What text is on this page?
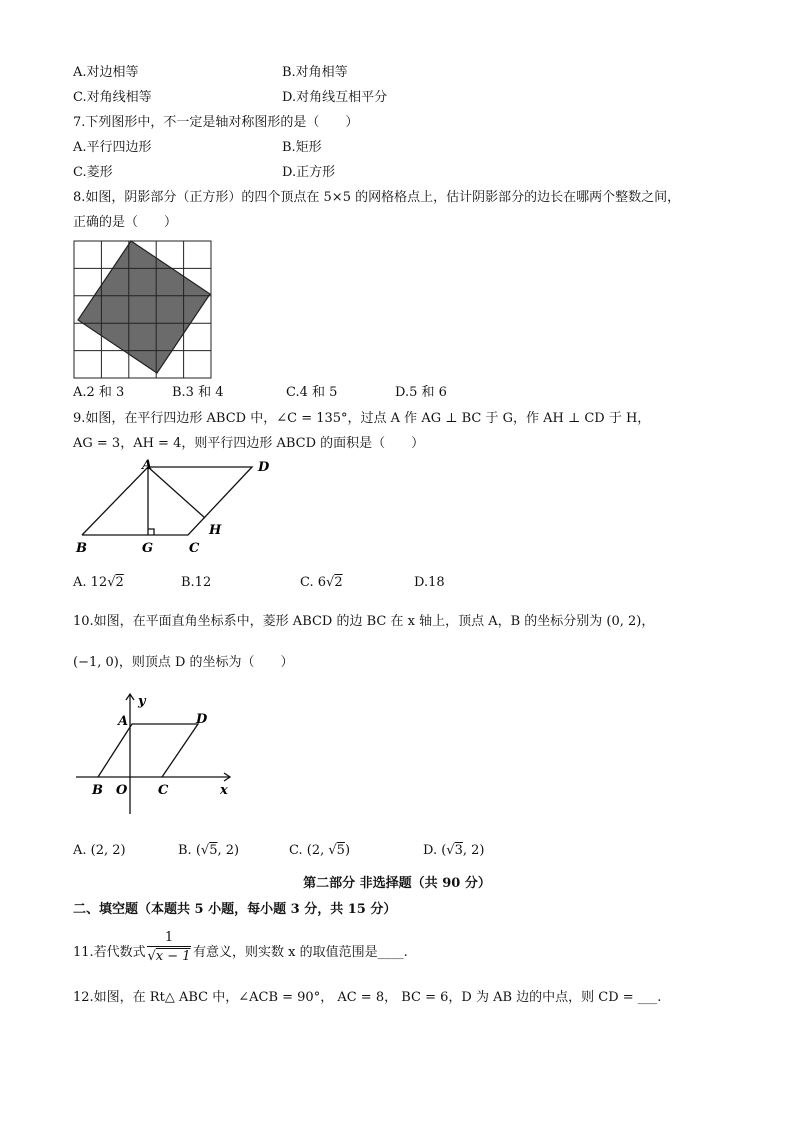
A.对边相等	B.对角相等
C.对角线相等	D.对角线互相平分
7.下列图形中，不一定是轴对称图形的是（　　）
A.平行四边形	B.矩形
C.菱形	D.正方形
8.如图，阴影部分（正方形）的四个顶点在 5×5 的网格格点上，估计阴影部分的边长在哪两个整数之间，
正确的是（　　）
A.2 和 3	B.3 和 4	C.4 和 5	D.5 和 6
9.如图，在平行四边形 ABCD 中，∠C = 135°，过点 A 作 AG ⊥ BC 于 G，作 AH ⊥ CD 于 H，
AG = 3，AH = 4，则平行四边形 ABCD 的面积是（　　）
A	D
B	G	C
H
A. 12√2	B.12	C. 6√2	D.18
10.如图，在平面直角坐标系中，菱形 ABCD 的边 BC 在 x 轴上，顶点 A，B 的坐标分别为 (0, 2)，
(−1, 0)，则顶点 D 的坐标为（　　）
y
A	D
B O C	x
A. (2, 2)	B. (√5, 2)	C. (2, √5)	D. (√3, 2)
第二部分 非选择题（共 90 分）
二、填空题（本题共 5 小题，每小题 3 分，共 15 分）
11.若代数式 $\frac{1}{√x - 1}$ 有意义，则实数 x 的取值范围是____.
12.如图，在 Rt△ ABC 中，∠ACB = 90°， AC = 8， BC = 6，D 为 AB 边的中点，则 CD = ___.
